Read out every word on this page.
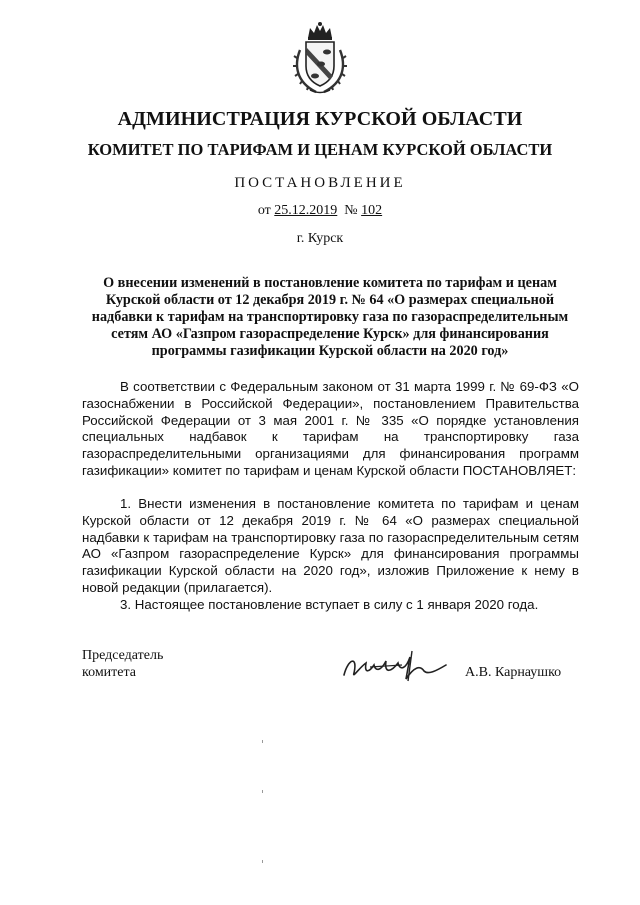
АДМИНИСТРАЦИЯ КУРСКОЙ ОБЛАСТИ
КОМИТЕТ ПО ТАРИФАМ И ЦЕНАМ КУРСКОЙ ОБЛАСТИ
ПОСТАНОВЛЕНИЕ
от 25.12.2019 № 102
г. Курск
О внесении изменений в постановление комитета по тарифам и ценам Курской области от 12 декабря 2019 г. № 64 «О размерах специальной надбавки к тарифам на транспортировку газа по газораспределительным сетям АО «Газпром газораспределение Курск» для финансирования программы газификации Курской области на 2020 год»

В соответствии с Федеральным законом от 31 марта 1999 г. № 69-ФЗ «О газоснабжении в Российской Федерации», постановлением Правительства Российской Федерации от 3 мая 2001 г. № 335 «О порядке установления специальных надбавок к тарифам на транспортировку газа газораспределительными организациями для финансирования программ газификации» комитет по тарифам и ценам Курской области ПОСТАНОВЛЯЕТ:

1. Внести изменения в постановление комитета по тарифам и ценам Курской области от 12 декабря 2019 г. № 64 «О размерах специальной надбавки к тарифам на транспортировку газа по газораспределительным сетям АО «Газпром газораспределение Курск» для финансирования программы газификации Курской области на 2020 год», изложив Приложение к нему в новой редакции (прилагается).

3. Настоящее постановление вступает в силу с 1 января 2020 года.

Председатель
комитета	А.В. Карнаушко
